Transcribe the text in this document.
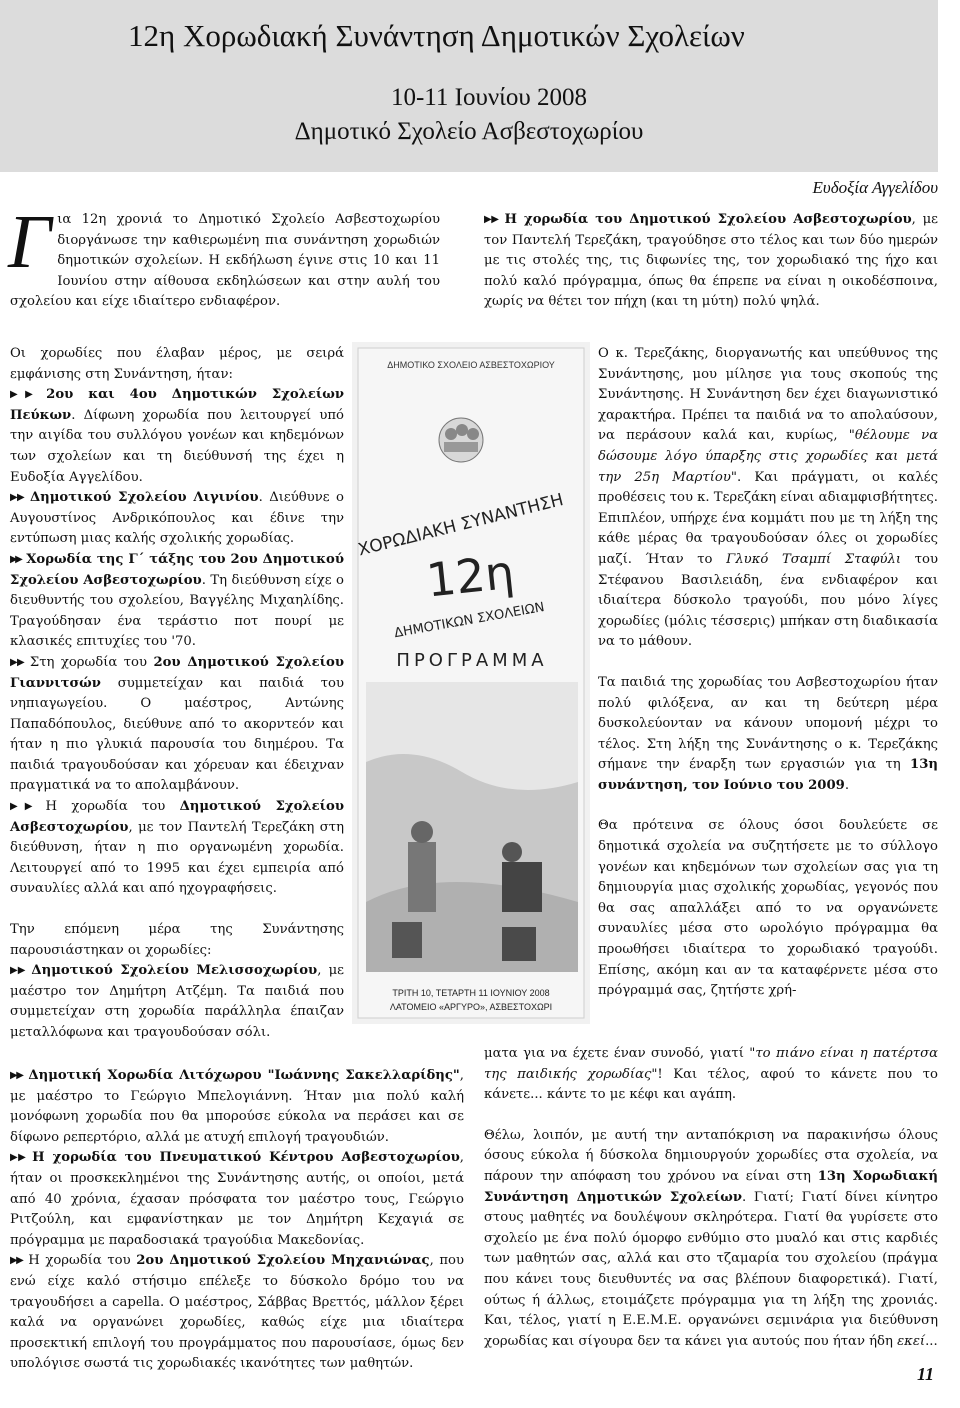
12η Χορωδιακή Συνάντηση Δημοτικών Σχολείων
10-11 Ιουνίου 2008
Δημοτικό Σχολείο Ασβεστοχωρίου
Ευδοξία Αγγελίδου
Γ ια 12η χρονιά το Δημοτικό Σχολείο Ασβεστοχωρίου διοργάνωσε την καθιερωμένη πια συνάντηση χορωδιών δημοτικών σχολείων. Η εκδήλωση έγινε στις 10 και 11 Ιουνίου στην αίθουσα εκδηλώσεων και στην αυλή του σχολείου και είχε ιδιαίτερο ενδιαφέρον.

▶▶ Η χορωδία του Δημοτικού Σχολείου Ασβεστοχωρίου, με τον Παντελή Τερεζάκη, τραγούδησε στο τέλος και των δύο ημερών με τις στολές της, τις διφωνίες της, τον χορωδιακό της ήχο και πολύ καλό πρόγραμμα, όπως θα έπρεπε να είναι η οικοδέσποινα, χωρίς να θέτει τον πήχη (και τη μύτη) πολύ ψηλά.

Οι χορωδίες που έλαβαν μέρος, με σειρά εμφάνισης στη Συνάντηση, ήταν:

▶▶ 2ου και 4ου Δημοτικών Σχολείων Πεύκων. Δίφωνη χορωδία που λειτουργεί υπό την αιγίδα του συλλόγου γονέων και κηδεμόνων των σχολείων και τη διεύθυνσή της έχει η Ευδοξία Αγγελίδου.

▶▶ Δημοτικού Σχολείου Λιγινίου. Διεύθυνε ο Αυγουστίνος Ανδρικόπουλος και έδινε την εντύπωση μιας καλής σχολικής χορωδίας.

▶▶ Χορωδία της Γ΄ τάξης του 2ου Δημοτικού Σχολείου Ασβεστοχωρίου. Τη διεύθυνση είχε ο διευθυντής του σχολείου, Βαγγέλης Μιχαηλίδης. Τραγούδησαν ένα τεράστιο ποτ πουρί με κλασικές επιτυχίες του '70.

▶▶ Στη χορωδία του 2ου Δημοτικού Σχολείου Γιαννιτσών συμμετείχαν και παιδιά του νηπιαγωγείου. Ο μαέστρος, Αντώνης Παπαδόπουλος, διεύθυνε από το ακορντεόν και ήταν η πιο γλυκιά παρουσία του διημέρου. Τα παιδιά τραγουδούσαν και χόρευαν και έδειχναν πραγματικά να το απολαμβάνουν.

▶▶ Η χορωδία του Δημοτικού Σχολείου Ασβεστοχωρίου, με τον Παντελή Τερεζάκη στη διεύθυνση, ήταν η πιο οργανωμένη χορωδία. Λειτουργεί από το 1995 και έχει εμπειρία από συναυλίες αλλά και από ηχογραφήσεις.

Την επόμενη μέρα της Συνάντησης παρουσιάστηκαν οι χορωδίες:

▶▶ Δημοτικού Σχολείου Μελισσοχωρίου, με μαέστρο τον Δημήτρη Ατζέμη. Τα παιδιά που συμμετείχαν στη χορωδία παράλληλα έπαιζαν μεταλλόφωνα και τραγουδούσαν σόλι.

ΔΗΜΟΤΙΚΟ ΣΧΟΛΕΙΟ ΑΣΒΕΣΤΟΧΩΡΙΟΥ
ΧΟΡΩΔΙΑΚΗ ΣΥΝΑΝΤΗΣΗ
12η
ΔΗΜΟΤΙΚΩΝ ΣΧΟΛΕΙΩΝ
ΠΡΟΓΡΑΜΜΑ
ΤΡΙΤΗ 10, ΤΕΤΑΡΤΗ 11 ΙΟΥΝΙΟΥ 2008
ΛΑΤΟΜΕΙΟ «ΑΡΓΥΡΟ», ΑΣΒΕΣΤΟΧΩΡΙ

▶▶ Δημοτική Χορωδία Λιτόχωρου "Ιωάννης Σακελλαρίδης", με μαέστρο το Γεώργιο Μπελογιάννη. Ήταν μια πολύ καλή μονόφωνη χορωδία που θα μπορούσε εύκολα να περάσει και σε δίφωνο ρεπερτόριο, αλλά με ατυχή επιλογή τραγουδιών.

▶▶ Η χορωδία του Πνευματικού Κέντρου Ασβεστοχωρίου, ήταν οι προσκεκλημένοι της Συνάντησης αυτής, οι οποίοι, μετά από 40 χρόνια, έχασαν πρόσφατα τον μαέστρο τους, Γεώργιο Ριτζούλη, και εμφανίστηκαν με τον Δημήτρη Κεχαγιά σε πρόγραμμα με παραδοσιακά τραγούδια Μακεδονίας.

▶▶ Η χορωδία του 2ου Δημοτικού Σχολείου Μηχανιώνας, που ενώ είχε καλό στήσιμο επέλεξε το δύσκολο δρόμο του να τραγουδήσει a capella. Ο μαέστρος, Σάββας Βρεττός, μάλλον ξέρει καλά να οργανώνει χορωδίες, καθώς είχε μια ιδιαίτερα προσεκτική επιλογή του προγράμματος που παρουσίασε, όμως δεν υπολόγισε σωστά τις χορωδιακές ικανότητες των μαθητών.

Ο κ. Τερεζάκης, διοργανωτής και υπεύθυνος της Συνάντησης, μου μίλησε για τους σκοπούς της Συνάντησης. Η Συνάντηση δεν έχει διαγωνιστικό χαρακτήρα. Πρέπει τα παιδιά να το απολαύσουν, να περάσουν καλά και, κυρίως, "θέλουμε να δώσουμε λόγο ύπαρξης στις χορωδίες και μετά την 25η Μαρτίου". Και πράγματι, οι καλές προθέσεις του κ. Τερεζάκη είναι αδιαμφισβήτητες. Επιπλέον, υπήρχε ένα κομμάτι που με τη λήξη της κάθε μέρας θα τραγουδούσαν όλες οι χορωδίες μαζί. Ήταν το Γλυκό Τσαμπί Σταφύλι του Στέφανου Βασιλειάδη, ένα ενδιαφέρον και ιδιαίτερα δύσκολο τραγούδι, που μόνο λίγες χορωδίες (μόλις τέσσερις) μπήκαν στη διαδικασία να το μάθουν.

Τα παιδιά της χορωδίας του Ασβεστοχωρίου ήταν πολύ φιλόξενα, αν και τη δεύτερη μέρα δυσκολεύονταν να κάνουν υπομονή μέχρι το τέλος. Στη λήξη της Συνάντησης ο κ. Τερεζάκης σήμανε την έναρξη των εργασιών για τη 13η συνάντηση, τον Ιούνιο του 2009.

Θα πρότεινα σε όλους όσοι δουλεύετε σε δημοτικά σχολεία να συζητήσετε με το σύλλογο γονέων και κηδεμόνων των σχολείων σας για τη δημιουργία μιας σχολικής χορωδίας, γεγονός που θα σας απαλλάξει από το να οργανώνετε συναυλίες μέσα στο ωρολόγιο πρόγραμμα θα προωθήσει ιδιαίτερα το χορωδιακό τραγούδι. Επίσης, ακόμη και αν τα καταφέρνετε μέσα στο πρόγραμμά σας, ζητήστε χρή-

ματα για να έχετε έναν συνοδό, γιατί "το πιάνο είναι η πατέρτσα της παιδικής χορωδίας"! Και τέλος, αφού το κάνετε που το κάνετε... κάντε το με κέφι και αγάπη.

Θέλω, λοιπόν, με αυτή την ανταπόκριση να παρακινήσω όλους όσους εύκολα ή δύσκολα δημιουργούν χορωδίες στα σχολεία, να πάρουν την απόφαση του χρόνου να είναι στη 13η Χορωδιακή Συνάντηση Δημοτικών Σχολείων. Γιατί; Γιατί δίνει κίνητρο στους μαθητές να δουλέψουν σκληρότερα. Γιατί θα γυρίσετε στο σχολείο με ένα πολύ όμορφο ενθύμιο στο μυαλό και στις καρδιές των μαθητών σας, αλλά και στο τζαμαρία του σχολείου (πράγμα που κάνει τους διευθυντές να σας βλέπουν διαφορετικά). Γιατί, ούτως ή άλλως, ετοιμάζετε πρόγραμμα για τη λήξη της χρονιάς. Και, τέλος, γιατί η Ε.Ε.Μ.Ε. οργανώνει σεμινάρια για διεύθυνση χορωδίας και σίγουρα δεν τα κάνει για αυτούς που ήταν ήδη εκεί...

11
